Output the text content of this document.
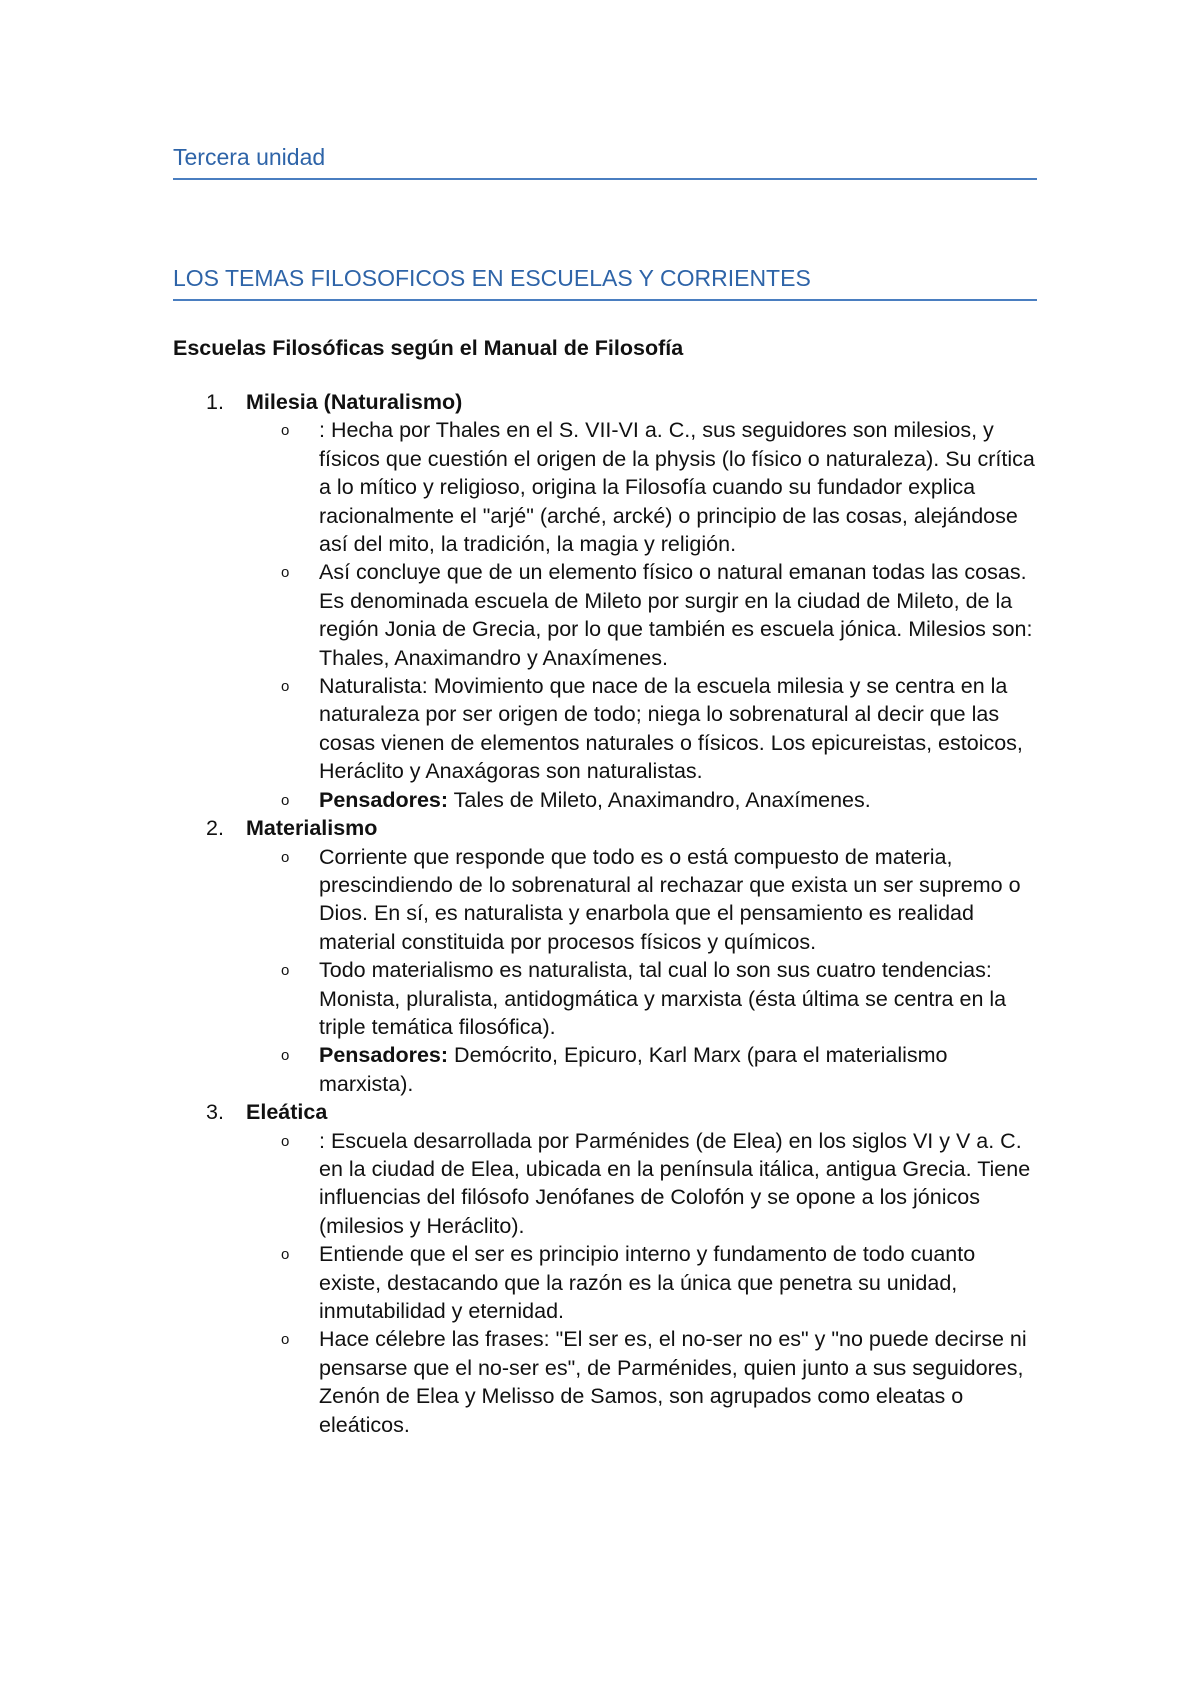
Tercera unidad
LOS TEMAS FILOSOFICOS EN ESCUELAS Y CORRIENTES
Escuelas Filosóficas según el Manual de Filosofía
1. Milesia (Naturalismo)
o : Hecha por Thales en el S. VII-VI a. C., sus seguidores son milesios, y físicos que cuestión el origen de la physis (lo físico o naturaleza). Su crítica a lo mítico y religioso, origina la Filosofía cuando su fundador explica racionalmente el "arjé" (arché, arcké) o principio de las cosas, alejándose así del mito, la tradición, la magia y religión.
o Así concluye que de un elemento físico o natural emanan todas las cosas. Es denominada escuela de Mileto por surgir en la ciudad de Mileto, de la región Jonia de Grecia, por lo que también es escuela jónica. Milesios son: Thales, Anaximandro y Anaxímenes.
o Naturalista: Movimiento que nace de la escuela milesia y se centra en la naturaleza por ser origen de todo; niega lo sobrenatural al decir que las cosas vienen de elementos naturales o físicos. Los epicureistas, estoicos, Heráclito y Anaxágoras son naturalistas.
o Pensadores: Tales de Mileto, Anaximandro, Anaxímenes.
2. Materialismo
o Corriente que responde que todo es o está compuesto de materia, prescindiendo de lo sobrenatural al rechazar que exista un ser supremo o Dios. En sí, es naturalista y enarbola que el pensamiento es realidad material constituida por procesos físicos y químicos.
o Todo materialismo es naturalista, tal cual lo son sus cuatro tendencias: Monista, pluralista, antidogmática y marxista (ésta última se centra en la triple temática filosófica).
o Pensadores: Demócrito, Epicuro, Karl Marx (para el materialismo marxista).
3. Eleática
o : Escuela desarrollada por Parménides (de Elea) en los siglos VI y V a. C. en la ciudad de Elea, ubicada en la península itálica, antigua Grecia. Tiene influencias del filósofo Jenófanes de Colofón y se opone a los jónicos (milesios y Heráclito).
o Entiende que el ser es principio interno y fundamento de todo cuanto existe, destacando que la razón es la única que penetra su unidad, inmutabilidad y eternidad.
o Hace célebre las frases: "El ser es, el no-ser no es" y "no puede decirse ni pensarse que el no-ser es", de Parménides, quien junto a sus seguidores, Zenón de Elea y Melisso de Samos, son agrupados como eleatas o eleáticos.
